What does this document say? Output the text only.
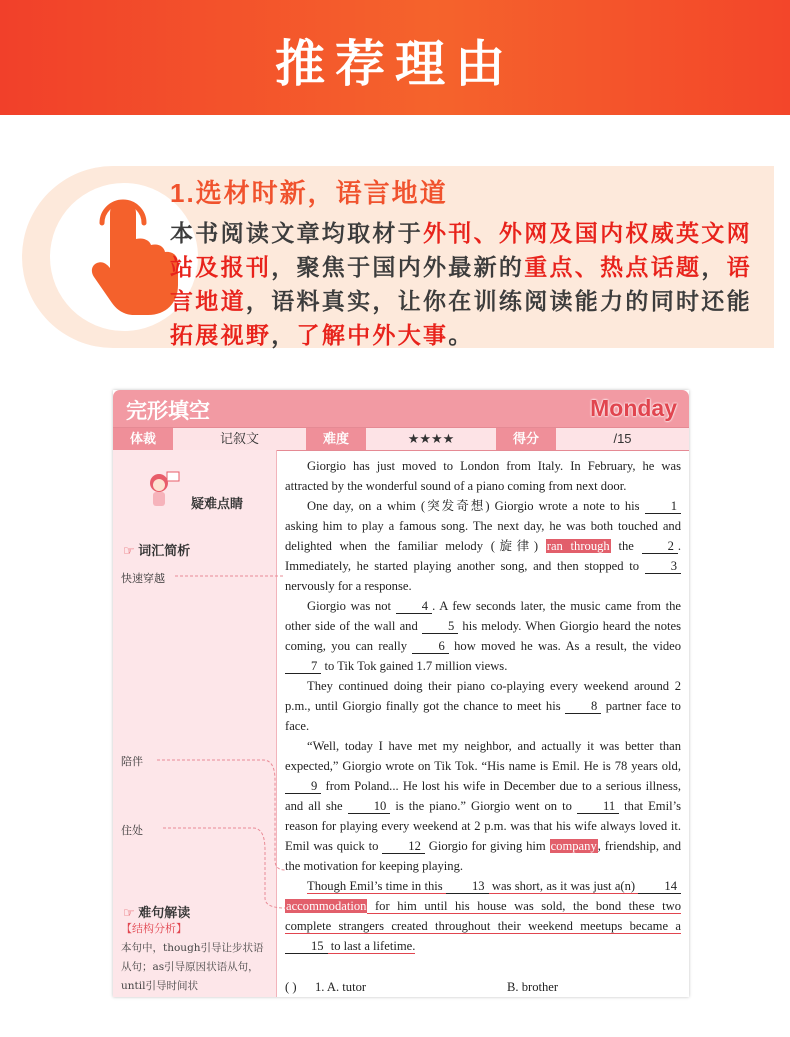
推荐理由
1.选材时新，语言地道
本书阅读文章均取材于外刊、外网及国内权威英文网站及报刊，聚焦于国内外最新的重点、热点话题，语言地道，语料真实，让你在训练阅读能力的同时还能拓展视野，了解中外大事。
完形填空	Monday
体裁	记叙文	难度	★★★★	得分	/15
疑难点睛
☞ 词汇简析
快速穿越
陪伴
住处
☞ 难句解读
【结构分析】
本句中，though引导让步状语从句；as引导原因状语从句，until引导时间状

Giorgio has just moved to London from Italy. In February, he was attracted by the wonderful sound of a piano coming from next door.

One day, on a whim (突发奇想) Giorgio wrote a note to his 1 asking him to play a famous song. The next day, he was both touched and delighted when the familiar melody (旋律) ran through the 2 . Immediately, he started playing another song, and then stopped to 3 nervously for a response.

Giorgio was not 4 . A few seconds later, the music came from the other side of the wall and 5 his melody. When Giorgio heard the notes coming, you can really 6 how moved he was. As a result, the video 7 to Tik Tok gained 1.7 million views.

They continued doing their piano co-playing every weekend around 2 p.m., until Giorgio finally got the chance to meet his 8 partner face to face.

“Well, today I have met my neighbor, and actually it was better than expected,” Giorgio wrote on Tik Tok. “His name is Emil. He is 78 years old, 9 from Poland... He lost his wife in December due to a serious illness, and all she 10 is the piano.” Giorgio went on to 11 that Emil’s reason for playing every weekend at 2 p.m. was that his wife always loved it. Emil was quick to 12 Giorgio for giving him company, friendship, and the motivation for keeping playing.

Though Emil’s time in this 13 was short, as it was just a(n) 14 accommodation for him until his house was sold, the bond these two complete strangers created throughout their weekend meetups became a 15 to last a lifetime.

( ) 1. A. tutor	B. brother
